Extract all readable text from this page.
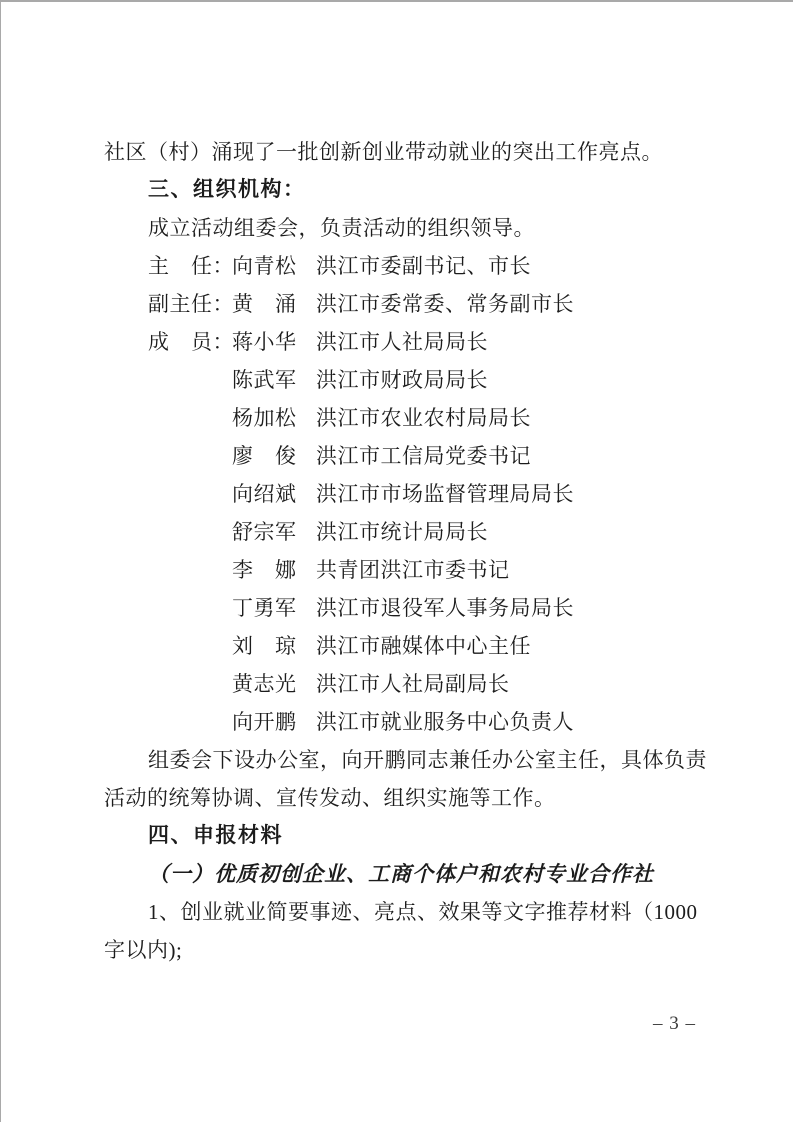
社区（村）涌现了一批创新创业带动就业的突出工作亮点。
三、组织机构：
成立活动组委会，负责活动的组织领导。
主　任：向青松 洪江市委副书记、市长
副主任：黄　涌 洪江市委常委、常务副市长
成　员：蒋小华 洪江市人社局局长
陈武军 洪江市财政局局长
杨加松 洪江市农业农村局局长
廖　俊 洪江市工信局党委书记
向绍斌 洪江市市场监督管理局局长
舒宗军 洪江市统计局局长
李　娜 共青团洪江市委书记
丁勇军 洪江市退役军人事务局局长
刘　琼 洪江市融媒体中心主任
黄志光 洪江市人社局副局长
向开鹏 洪江市就业服务中心负责人
组委会下设办公室，向开鹏同志兼任办公室主任，具体负责
活动的统筹协调、宣传发动、组织实施等工作。
四、申报材料
（一）优质初创企业、工商个体户和农村专业合作社
1、创业就业简要事迹、亮点、效果等文字推荐材料（1000
字以内);
– 3 –
